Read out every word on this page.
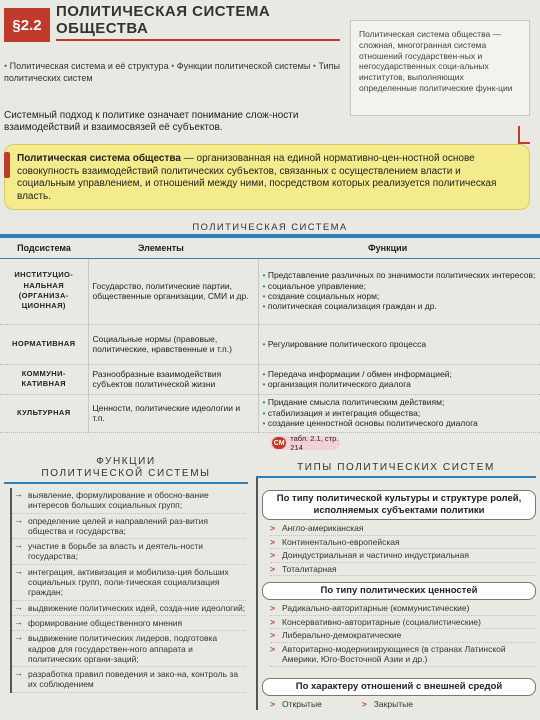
§2.2
ПОЛИТИЧЕСКАЯ СИСТЕМА
ОБЩЕСТВА	Политическая система общества — сложная, многогранная система отношений государствен-ных и негосударственных соци-альных институтов, выполняющих определенные политические функ-ции
• Политическая система и её структура • Функции политической системы • Типы политических систем
Системный подход к политике означает понимание слож-ности взаимодействий и взаимосвязей её субъектов.
Политическая система общества — организованная на единой нормативно-цен-ностной основе совокупность взаимодействий политических субъектов, связанных с осуществлением власти и социальным управлением, и отношений между ними, посредством которых реализуется политическая власть.
ПОЛИТИЧЕСКАЯ СИСТЕМА
Подсистема	Элементы	Функции
ИНСТИТУЦИО-НАЛЬНАЯ (ОРГАНИЗА-ЦИОННАЯ)	Государство, политические партии, общественные организации, СМИ и др.	• Представление различных по значимости политических интересов;
• социальное управление;
• создание социальных норм;
• политическая социализация граждан и др.

НОРМАТИВНАЯ	Социальные нормы (правовые, политические, нравственные и т.п.)	• Регулирование политического процесса

КОММУНИ-КАТИВНАЯ	Разнообразные взаимодействия субъектов политической жизни	• Передача информации / обмен информацией;
• организация политического диалога

КУЛЬТУРНАЯ	Ценности, политические идеологии и т.п.	• Придание смысла политическим действиям;
• стабилизация и интеграция общества;
• создание ценностной основы политического диалога
СМ табл. 2.1, стр. 214
ФУНКЦИИ
ПОЛИТИЧЕСКОЙ СИСТЕМЫ
→ выявление, формулирование и обосно-вание интересов больших социальных групп;
→ определение целей и направлений раз-вития общества и государства;
→ участие в борьбе за власть и деятель-ности государства;
→ интеграция, активизация и мобилиза-ция больших социальных групп, поли-тическая социализация граждан;
→ выдвижение политических идей, созда-ние идеологий;
→ формирование общественного мнения
→ выдвижение политических лидеров, подготовка кадров для государствен-ного аппарата и политических органи-заций;
→ разработка правил поведения и зако-на, контроль за их соблюдением
ТИПЫ ПОЛИТИЧЕСКИХ СИСТЕМ
По типу политической культуры и структуре ролей, исполняемых субъектами политики
> Англо-американская
> Континентально-европейская
> Доиндустриальная и частично индустриальная
> Тоталитарная
По типу политических ценностей
> Радикально-авторитарные (коммунистические)
> Консервативно-авторитарные (социалистические)
> Либерально-демократические
> Авторитарно-модернизирующиеся (в странах Латинской Америки, Юго-Восточной Азии и др.)
По характеру отношений с внешней средой
> Открытые	> Закрытые
